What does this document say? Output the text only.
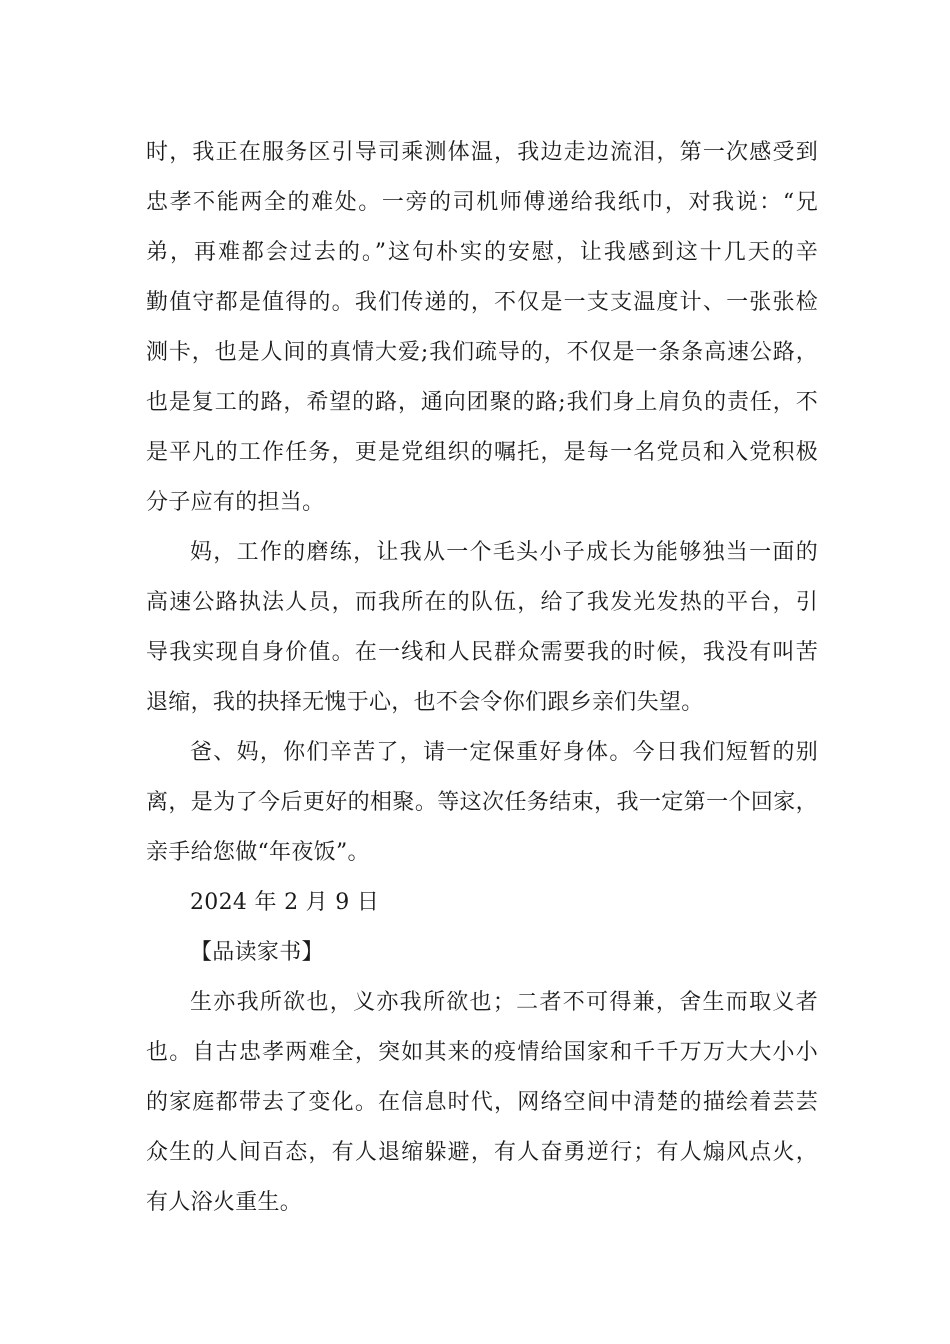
时，我正在服务区引导司乘测体温，我边走边流泪，第一次感受到
忠孝不能两全的难处。一旁的司机师傅递给我纸巾，对我说：“兄
弟，再难都会过去的。”这句朴实的安慰，让我感到这十几天的辛
勤值守都是值得的。我们传递的，不仅是一支支温度计、一张张检
测卡，也是人间的真情大爱;我们疏导的，不仅是一条条高速公路，
也是复工的路，希望的路，通向团聚的路;我们身上肩负的责任，不
是平凡的工作任务，更是党组织的嘱托，是每一名党员和入党积极
分子应有的担当。

妈，工作的磨练，让我从一个毛头小子成长为能够独当一面的
高速公路执法人员，而我所在的队伍，给了我发光发热的平台，引
导我实现自身价值。在一线和人民群众需要我的时候，我没有叫苦
退缩，我的抉择无愧于心，也不会令你们跟乡亲们失望。

爸、妈，你们辛苦了，请一定保重好身体。今日我们短暂的别
离，是为了今后更好的相聚。等这次任务结束，我一定第一个回家，
亲手给您做“年夜饭”。

2024 年 2 月 9 日

【品读家书】

生亦我所欲也，义亦我所欲也；二者不可得兼，舍生而取义者
也。自古忠孝两难全，突如其来的疫情给国家和千千万万大大小小
的家庭都带去了变化。在信息时代，网络空间中清楚的描绘着芸芸
众生的人间百态，有人退缩躲避，有人奋勇逆行；有人煽风点火，
有人浴火重生。
